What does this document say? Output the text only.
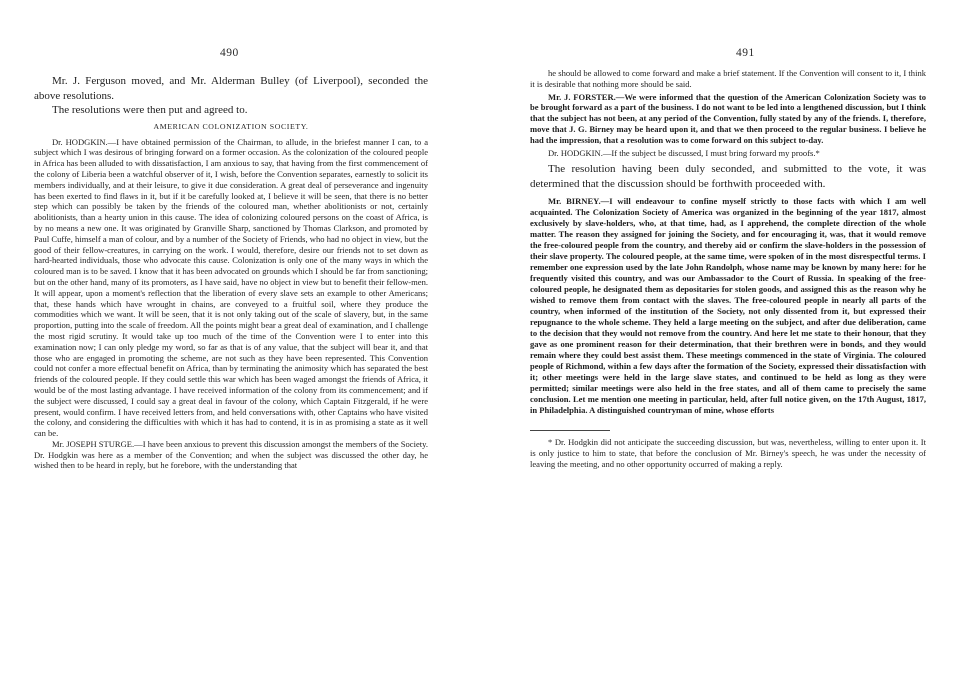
490

Mr. J. Ferguson moved, and Mr. Alderman Bulley (of Liverpool), seconded the above resolutions.

The resolutions were then put and agreed to.

AMERICAN COLONIZATION SOCIETY.

Dr. HODGKIN.—I have obtained permission of the Chairman, to allude, in the briefest manner I can, to a subject which I was desirous of bringing forward on a former occasion. As the colonization of the coloured people in Africa has been alluded to with dissatisfaction, I am anxious to say, that having from the first commencement of the colony of Liberia been a watchful observer of it, I wish, before the Convention separates, earnestly to solicit its members individually, and at their leisure, to give it due consideration. A great deal of perseverance and ingenuity has been exerted to find flaws in it, but if it be carefully looked at, I believe it will be seen, that there is no better step which can possibly be taken by the friends of the coloured man, whether abolitionists or not, certainly abolitionists, than a hearty union in this cause. The idea of colonizing coloured persons on the coast of Africa, is by no means a new one. It was originated by Granville Sharp, sanctioned by Thomas Clarkson, and promoted by Paul Cuffe, himself a man of colour, and by a number of the Society of Friends, who had no object in view, but the good of their fellow-creatures, in carrying on the work. I would, therefore, desire our friends not to set down as hard-hearted individuals, those who advocate this cause. Colonization is only one of the many ways in which the coloured man is to be saved. I know that it has been advocated on grounds which I should be far from sanctioning; but on the other hand, many of its promoters, as I have said, have no object in view but to benefit their fellow-men. It will appear, upon a moment's reflection that the liberation of every slave sets an example to other Americans; that, these hands which have wrought in chains, are conveyed to a fruitful soil, where they produce the commodities which we want. It will be seen, that it is not only taking out of the scale of slavery, but, in the same proportion, putting into the scale of freedom. All the points might bear a great deal of examination, and I challenge the most rigid scrutiny. It would take up too much of the time of the Convention were I to enter into this examination now; I can only pledge my word, so far as that is of any value, that the subject will bear it, and that those who are engaged in promoting the scheme, are not such as they have been represented. This Convention could not confer a more effectual benefit on Africa, than by terminating the animosity which has separated the best friends of the coloured people. If they could settle this war which has been waged amongst the friends of Africa, it would be of the most lasting advantage. I have received information of the colony from its commencement; and if the subject were discussed, I could say a great deal in favour of the colony, which Captain Fitzgerald, if he were present, would confirm. I have received letters from, and held conversations with, other Captains who have visited the colony, and considering the difficulties with which it has had to contend, it is in as promising a state as it well can be.

Mr. JOSEPH STURGE.—I have been anxious to prevent this discussion amongst the members of the Society. Dr. Hodgkin was here as a member of the Convention; and when the subject was discussed the other day, he wished then to be heard in reply, but he forebore, with the understanding that

491

he should be allowed to come forward and make a brief statement. If the Convention will consent to it, I think it is desirable that nothing more should be said.

Mr. J. FORSTER.—We were informed that the question of the American Colonization Society was to be brought forward as a part of the business. I do not want to be led into a lengthened discussion, but I think that the subject has not been, at any period of the Convention, fully stated by any of the friends. I, therefore, move that J. G. Birney may be heard upon it, and that we then proceed to the regular business. I believe he had the impression, that a resolution was to come forward on this subject to-day.

Dr. HODGKIN.—If the subject be discussed, I must bring forward my proofs.*

The resolution having been duly seconded, and submitted to the vote, it was determined that the discussion should be forthwith proceeded with.

Mr. BIRNEY.—I will endeavour to confine myself strictly to those facts with which I am well acquainted. The Colonization Society of America was organized in the beginning of the year 1817, almost exclusively by slave-holders, who, at that time, had, as I apprehend, the complete direction of the whole matter. The reason they assigned for joining the Society, and for encouraging it, was, that it would remove the free-coloured people from the country, and thereby aid or confirm the slave-holders in the possession of their slave property. The coloured people, at the same time, were spoken of in the most disrespectful terms. I remember one expression used by the late John Randolph, whose name may be known by many here: for he frequently visited this country, and was our Ambassador to the Court of Russia. In speaking of the free-coloured people, he designated them as depositaries for stolen goods, and assigned this as the reason why he wished to remove them from contact with the slaves. The free-coloured people in nearly all parts of the country, when informed of the institution of the Society, not only dissented from it, but expressed their repugnance to the whole scheme. They held a large meeting on the subject, and after due deliberation, came to the decision that they would not remove from the country. And here let me state to their honour, that they gave as one prominent reason for their determination, that their brethren were in bonds, and they would remain where they could best assist them. These meetings commenced in the state of Virginia. The coloured people of Richmond, within a few days after the formation of the Society, expressed their dissatisfaction with it; other meetings were held in the large slave states, and continued to be held as long as they were permitted; similar meetings were also held in the free states, and all of them came to precisely the same conclusion. Let me mention one meeting in particular, held, after full notice given, on the 17th August, 1817, in Philadelphia. A distinguished countryman of mine, whose efforts

* Dr. Hodgkin did not anticipate the succeeding discussion, but was, nevertheless, willing to enter upon it. It is only justice to him to state, that before the conclusion of Mr. Birney's speech, he was under the necessity of leaving the meeting, and no other opportunity occurred of making a reply.
